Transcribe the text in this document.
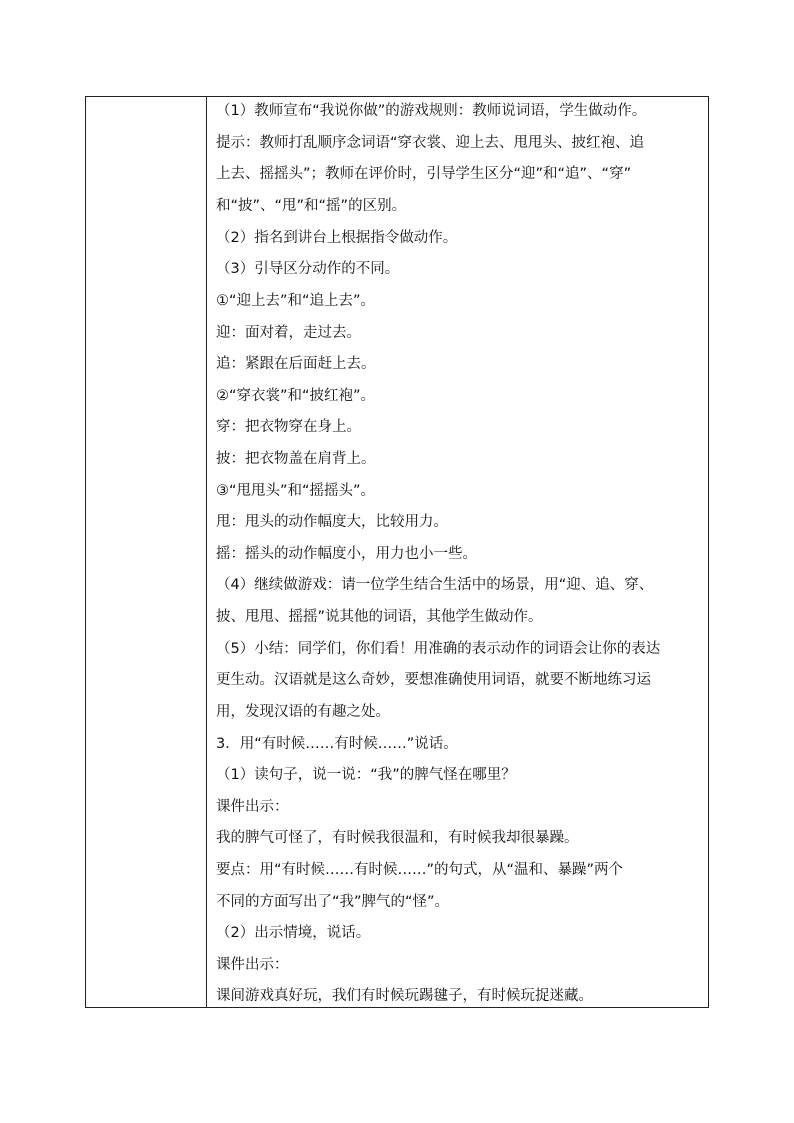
（1）教师宣布“我说你做”的游戏规则：教师说词语，学生做动作。
提示：教师打乱顺序念词语“穿衣裳、迎上去、甩甩头、披红袍、追
上去、摇摇头”；教师在评价时，引导学生区分“迎”和“追”、“穿”
和“披”、“甩”和“摇”的区别。
（2）指名到讲台上根据指令做动作。
（3）引导区分动作的不同。
①“迎上去”和“追上去”。
迎：面对着，走过去。
追：紧跟在后面赶上去。
②“穿衣裳”和“披红袍”。
穿：把衣物穿在身上。
披：把衣物盖在肩背上。
③“甩甩头”和“摇摇头”。
甩：甩头的动作幅度大，比较用力。
摇：摇头的动作幅度小，用力也小一些。
（4）继续做游戏：请一位学生结合生活中的场景，用“迎、追、穿、
披、甩甩、摇摇”说其他的词语，其他学生做动作。
（5）小结：同学们，你们看！用准确的表示动作的词语会让你的表达
更生动。汉语就是这么奇妙，要想准确使用词语，就要不断地练习运
用，发现汉语的有趣之处。
3．用“有时候……有时候……”说话。
（1）读句子，说一说：“我”的脾气怪在哪里？
课件出示：
我的脾气可怪了，有时候我很温和，有时候我却很暴躁。
要点：用“有时候……有时候……”的句式，从“温和、暴躁”两个
不同的方面写出了“我”脾气的“怪”。
（2）出示情境，说话。
课件出示：
课间游戏真好玩，我们有时候玩踢毽子，有时候玩捉迷藏。
